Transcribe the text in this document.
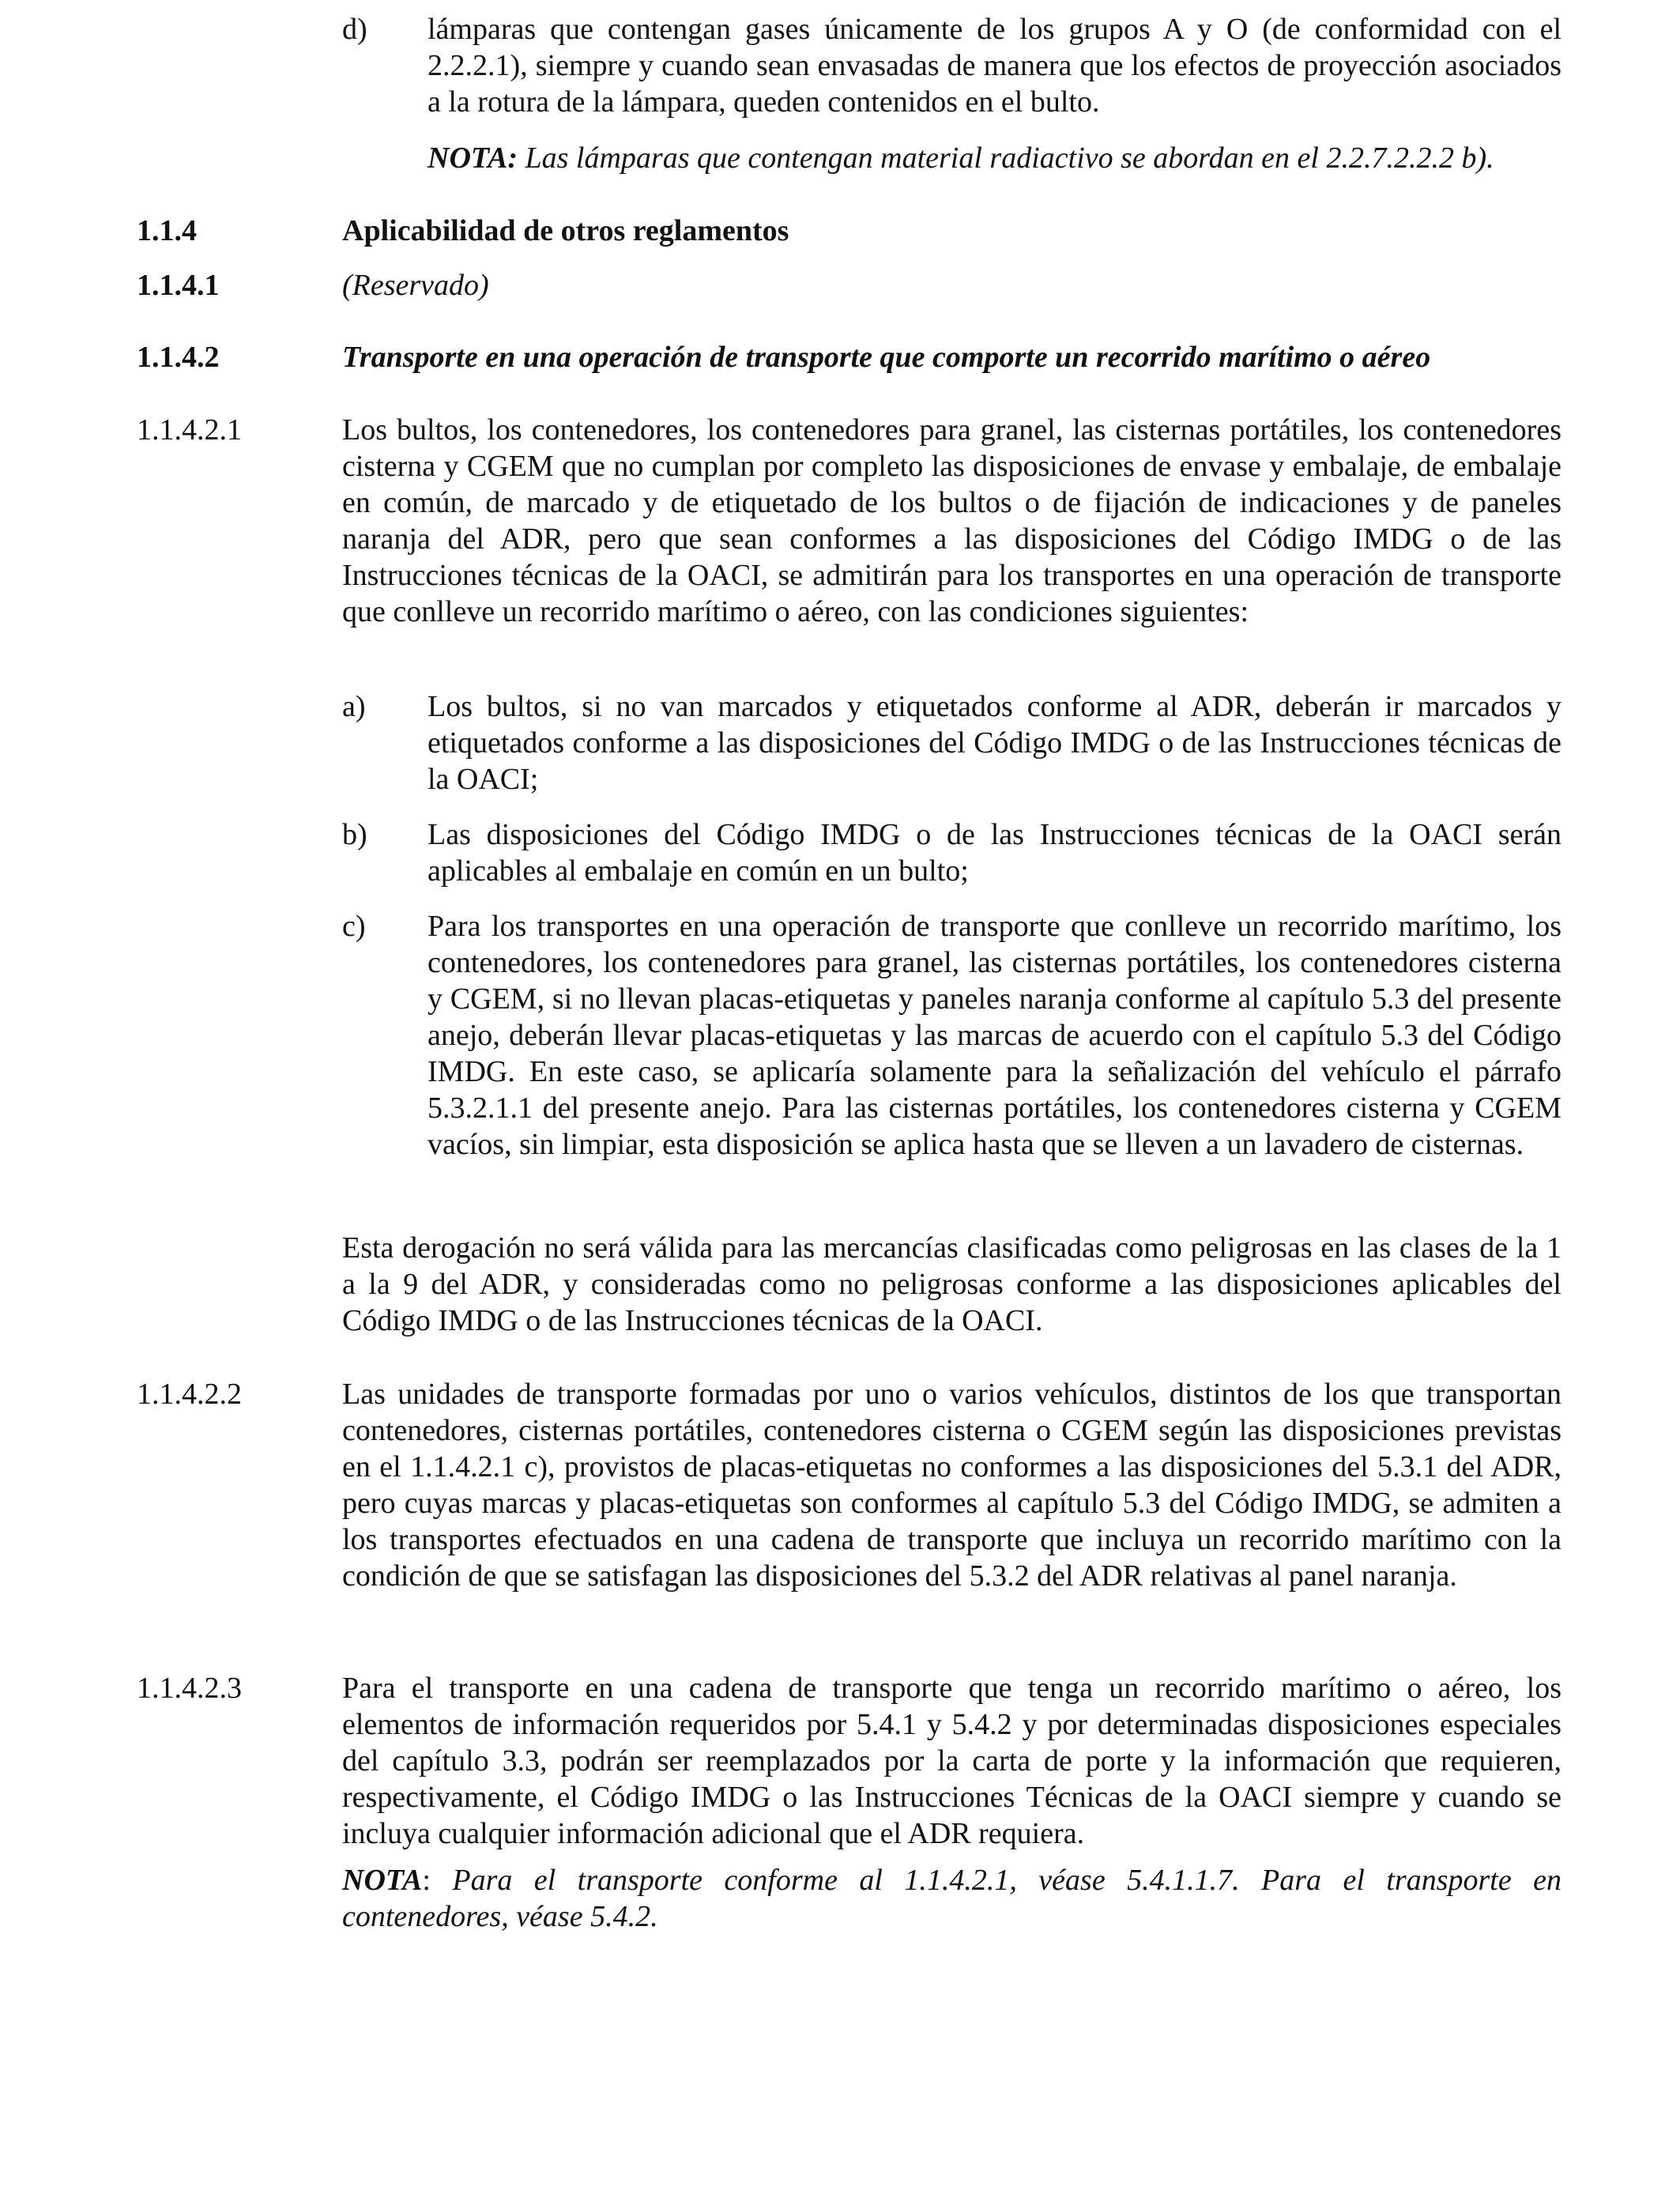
d)	lámparas que contengan gases únicamente de los grupos A y O (de conformidad con el 2.2.2.1), siempre y cuando sean envasadas de manera que los efectos de proyección asociados a la rotura de la lámpara, queden contenidos en el bulto.

NOTA: Las lámparas que contengan material radiactivo se abordan en el 2.2.7.2.2.2 b).

1.1.4	Aplicabilidad de otros reglamentos
1.1.4.1	(Reservado)
1.1.4.2	Transporte en una operación de transporte que comporte un recorrido marítimo o aéreo
1.1.4.2.1	Los bultos, los contenedores, los contenedores para granel, las cisternas portátiles, los contenedores cisterna y CGEM que no cumplan por completo las disposiciones de envase y embalaje, de embalaje en común, de marcado y de etiquetado de los bultos o de fijación de indicaciones y de paneles naranja del ADR, pero que sean conformes a las disposiciones del Código IMDG o de las Instrucciones técnicas de la OACI, se admitirán para los transportes en una operación de transporte que conlleve un recorrido marítimo o aéreo, con las condiciones siguientes:

a)	Los bultos, si no van marcados y etiquetados conforme al ADR, deberán ir marcados y etiquetados conforme a las disposiciones del Código IMDG o de las Instrucciones técnicas de la OACI;

b)	Las disposiciones del Código IMDG o de las Instrucciones técnicas de la OACI serán aplicables al embalaje en común en un bulto;

c)	Para los transportes en una operación de transporte que conlleve un recorrido marítimo, los contenedores, los contenedores para granel, las cisternas portátiles, los contenedores cisterna y CGEM, si no llevan placas-etiquetas y paneles naranja conforme al capítulo 5.3 del presente anejo, deberán llevar placas-etiquetas y las marcas de acuerdo con el capítulo 5.3 del Código IMDG. En este caso, se aplicaría solamente para la señalización del vehículo el párrafo 5.3.2.1.1 del presente anejo. Para las cisternas portátiles, los contenedores cisterna y CGEM vacíos, sin limpiar, esta disposición se aplica hasta que se lleven a un lavadero de cisternas.

Esta derogación no será válida para las mercancías clasificadas como peligrosas en las clases de la 1 a la 9 del ADR, y consideradas como no peligrosas conforme a las disposiciones aplicables del Código IMDG o de las Instrucciones técnicas de la OACI.

1.1.4.2.2	Las unidades de transporte formadas por uno o varios vehículos, distintos de los que transportan contenedores, cisternas portátiles, contenedores cisterna o CGEM según las disposiciones previstas en el 1.1.4.2.1 c), provistos de placas-etiquetas no conformes a las disposiciones del 5.3.1 del ADR, pero cuyas marcas y placas-etiquetas son conformes al capítulo 5.3 del Código IMDG, se admiten a los transportes efectuados en una cadena de transporte que incluya un recorrido marítimo con la condición de que se satisfagan las disposiciones del 5.3.2 del ADR relativas al panel naranja.

1.1.4.2.3	Para el transporte en una cadena de transporte que tenga un recorrido marítimo o aéreo, los elementos de información requeridos por 5.4.1 y 5.4.2 y por determinadas disposiciones especiales del capítulo 3.3, podrán ser reemplazados por la carta de porte y la información que requieren, respectivamente, el Código IMDG o las Instrucciones Técnicas de la OACI siempre y cuando se incluya cualquier información adicional que el ADR requiera.

NOTA: Para el transporte conforme al 1.1.4.2.1, véase 5.4.1.1.7. Para el transporte en contenedores, véase 5.4.2.
